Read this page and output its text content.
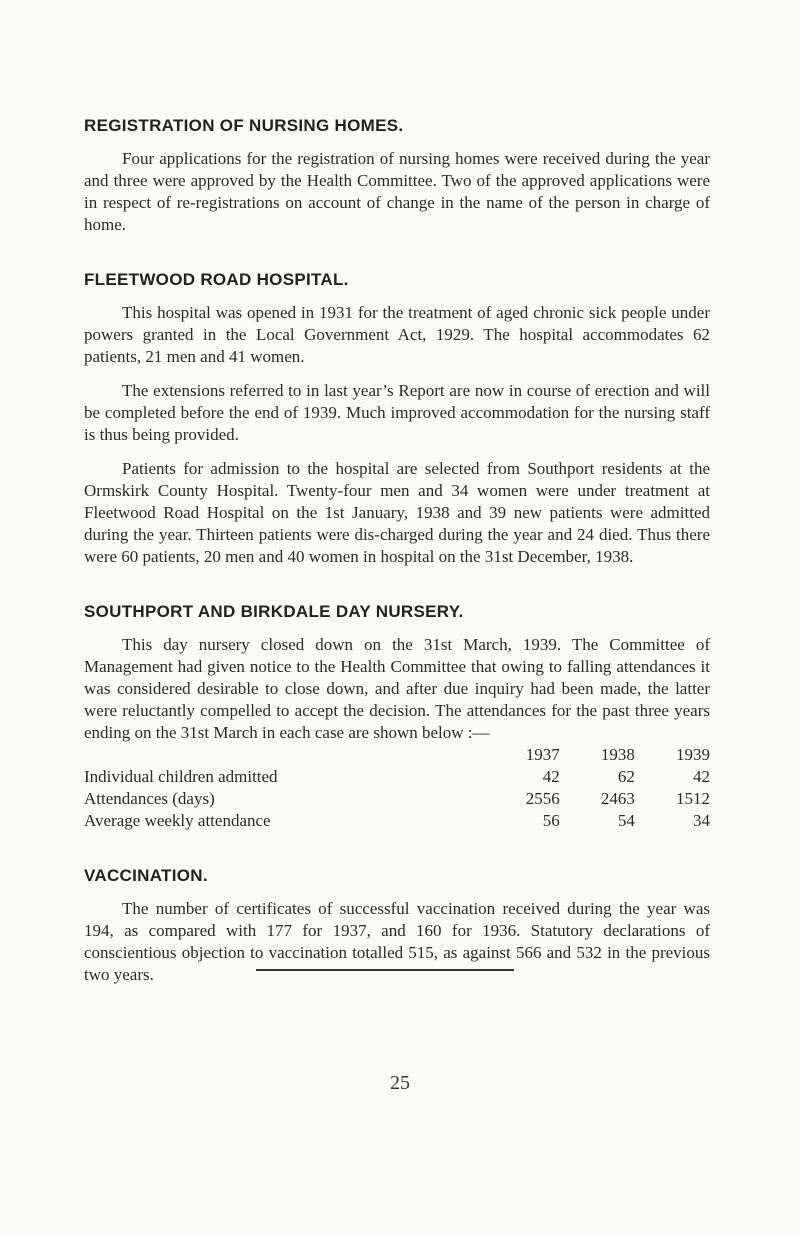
REGISTRATION OF NURSING HOMES.

Four applications for the registration of nursing homes were received during the year and three were approved by the Health Committee. Two of the approved applications were in respect of re-registrations on account of change in the name of the person in charge of home.

FLEETWOOD ROAD HOSPITAL.

This hospital was opened in 1931 for the treatment of aged chronic sick people under powers granted in the Local Government Act, 1929. The hospital accommodates 62 patients, 21 men and 41 women.

The extensions referred to in last year’s Report are now in course of erection and will be completed before the end of 1939. Much improved accommodation for the nursing staff is thus being provided.

Patients for admission to the hospital are selected from Southport residents at the Ormskirk County Hospital. Twenty-four men and 34 women were under treatment at Fleetwood Road Hospital on the 1st January, 1938 and 39 new patients were admitted during the year. Thirteen patients were dis-charged during the year and 24 died. Thus there were 60 patients, 20 men and 40 women in hospital on the 31st December, 1938.

SOUTHPORT AND BIRKDALE DAY NURSERY.

This day nursery closed down on the 31st March, 1939. The Committee of Management had given notice to the Health Committee that owing to falling attendances it was considered desirable to close down, and after due inquiry had been made, the latter were reluctantly compelled to accept the decision. The attendances for the past three years ending on the 31st March in each case are shown below :—

	1937	1938	1939
Individual children admitted	42	62	42
Attendances (days)	2556	2463	1512
Average weekly attendance	56	54	34
VACCINATION.

The number of certificates of successful vaccination received during the year was 194, as compared with 177 for 1937, and 160 for 1936. Statutory declarations of conscientious objection to vaccination totalled 515, as against 566 and 532 in the previous two years.

25
